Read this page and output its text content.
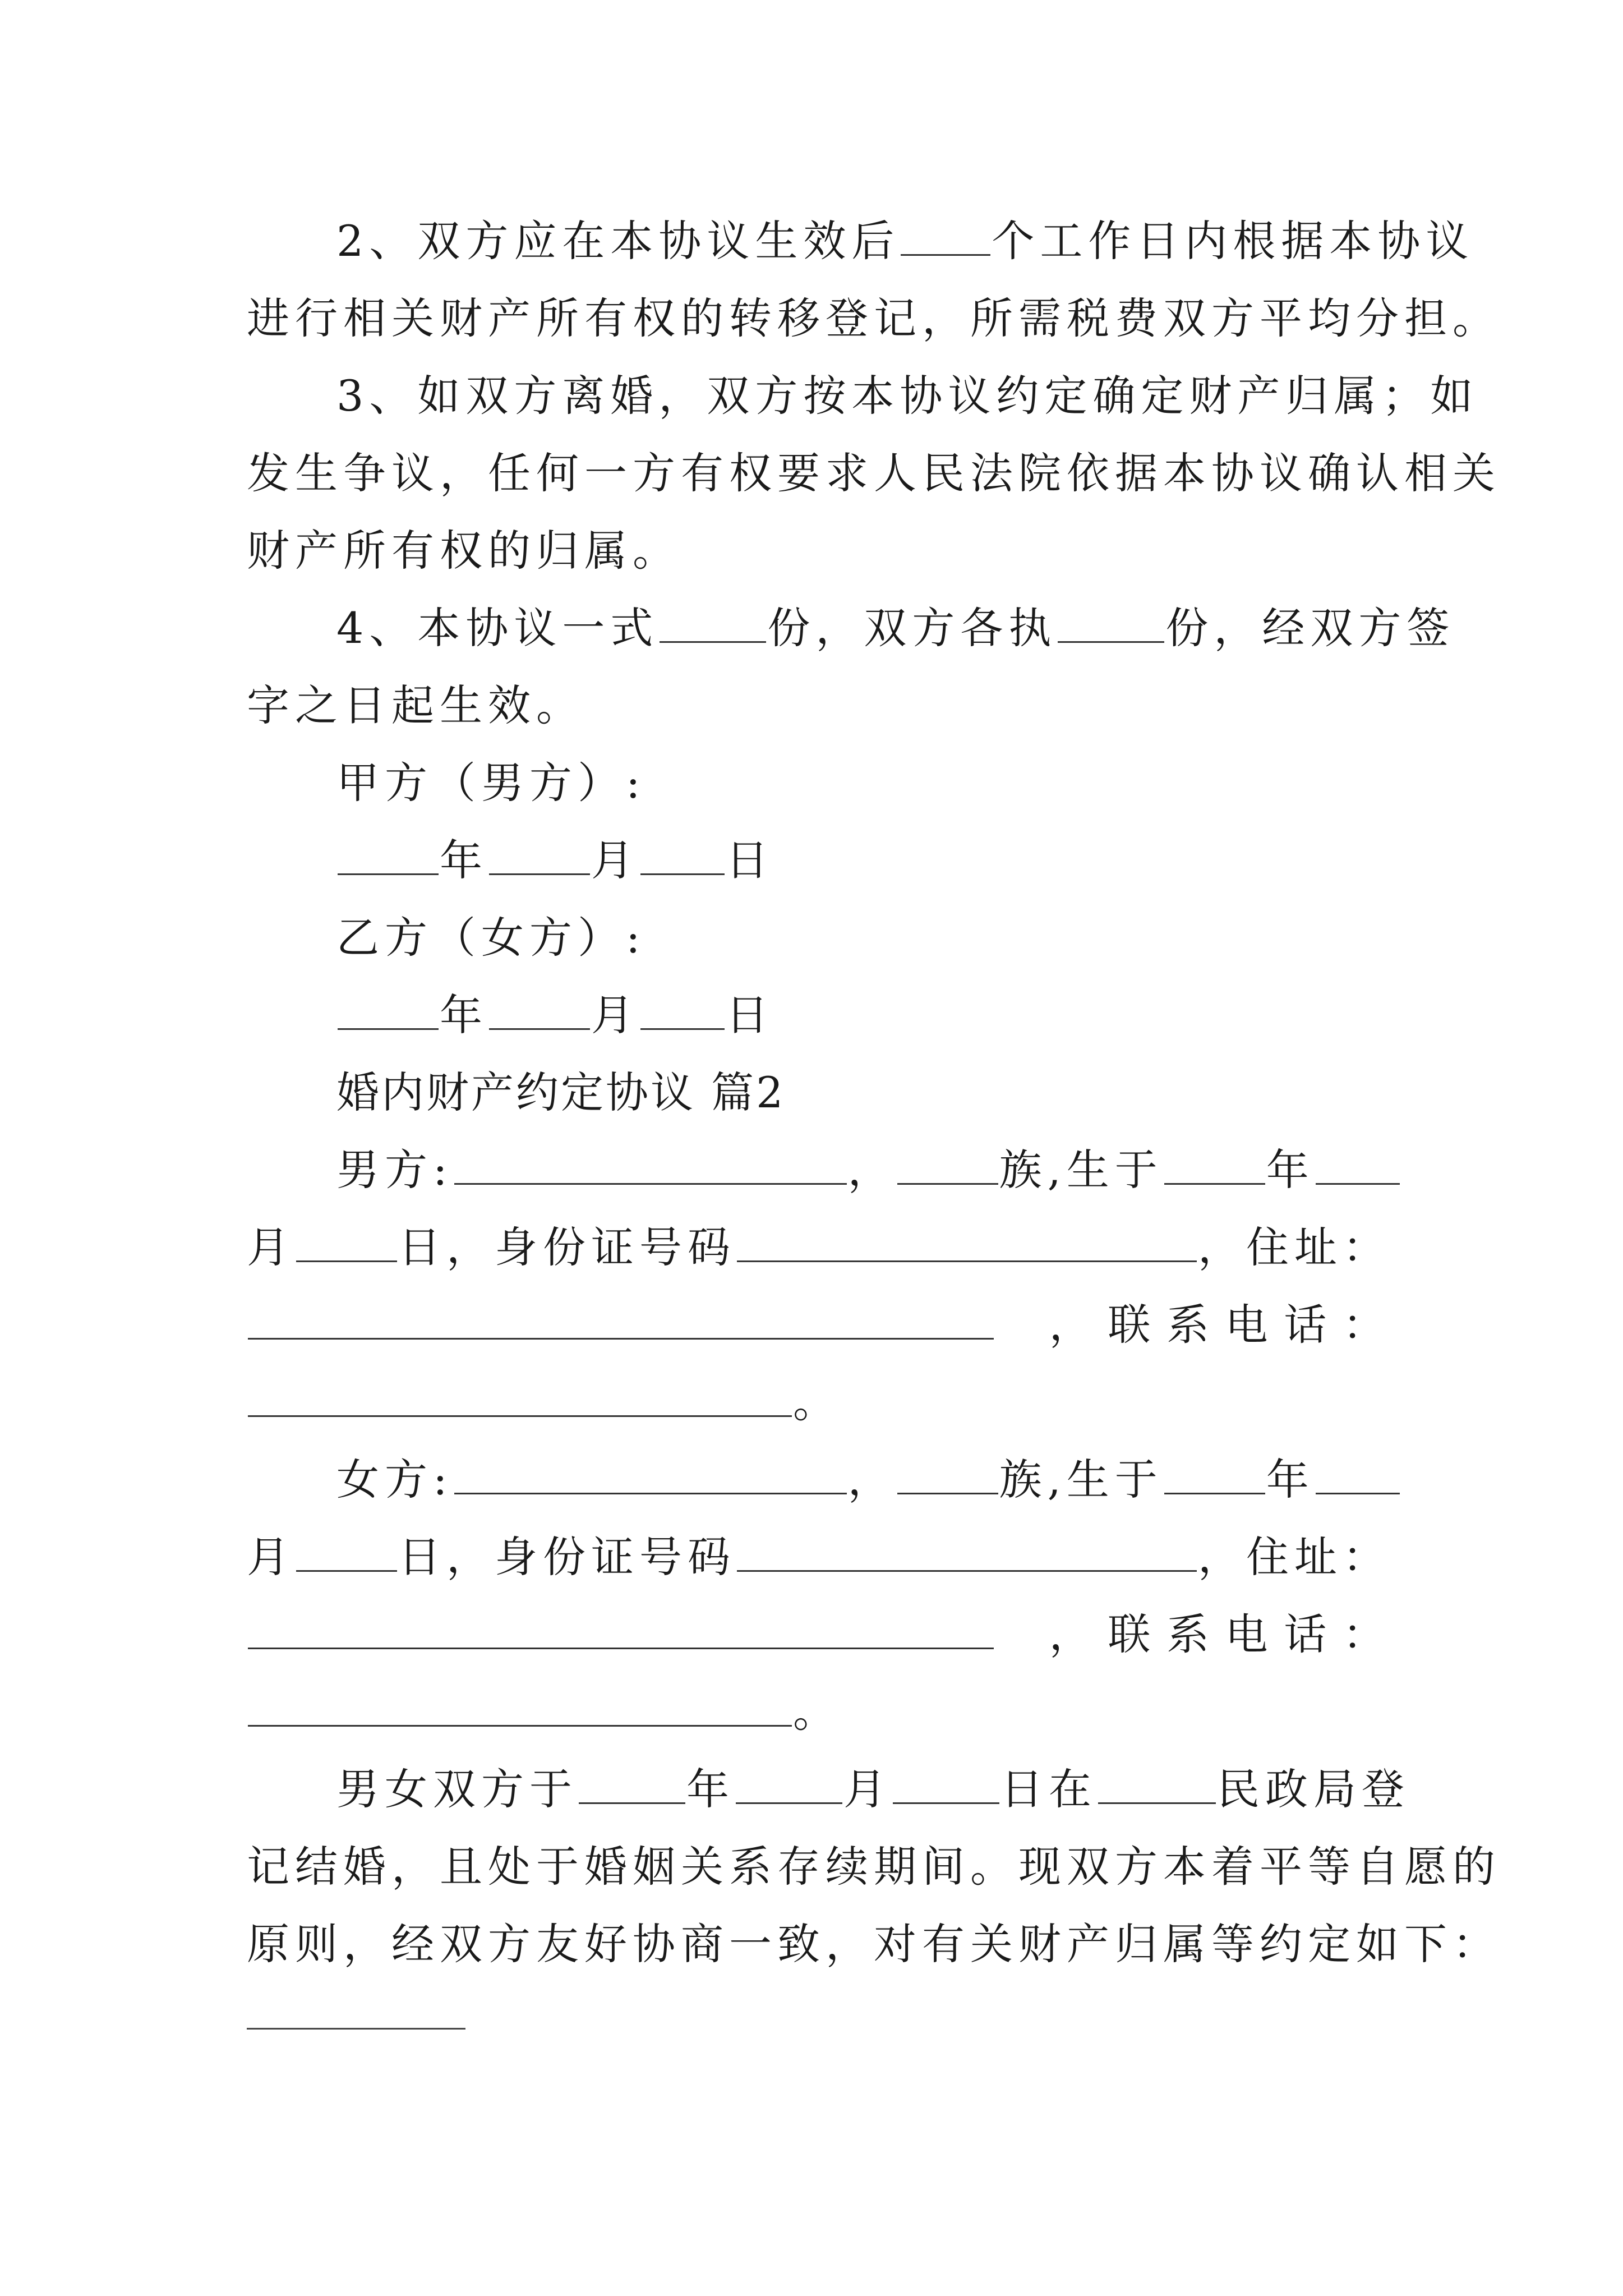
2、双方应在本协议生效后 个工作日内根据本协议
进行相关财产所有权的转移登记，所需税费双方平均分担。
3、如双方离婚，双方按本协议约定确定财产归属；如
发生争议，任何一方有权要求人民法院依据本协议确认相关
财产所有权的归属。
4、本协议一式	份，双方各执	份，经双方签
字之日起生效。
甲方（男方）:
年 月 日
乙方（女方）:
年 月 日
婚内财产约定协议 篇2
男方:	， 族,生于 年
月 日，身份证号码	，住址：
， 联 系 电 话 ：
。
女方:	， 族,生于 年
月 日，身份证号码	，住址：
， 联 系 电 话 ：
。
男女双方于	年	月	日在	民政局登
记结婚，且处于婚姻关系存续期间。现双方本着平等自愿的
原则，经双方友好协商一致，对有关财产归属等约定如下：
